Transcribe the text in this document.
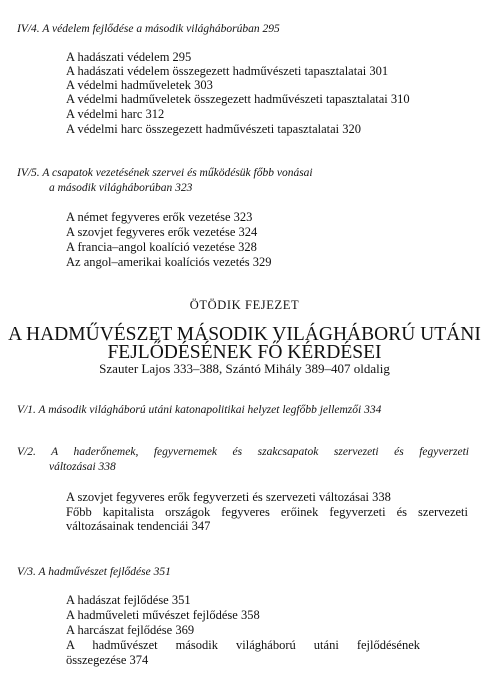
IV/4. A védelem fejlődése a második világháborúban 295
A hadászati védelem 295
A hadászati védelem összegezett hadművészeti tapasztalatai 301
A védelmi hadműveletek 303
A védelmi hadműveletek összegezett hadművészeti tapasztalatai 310
A védelmi harc 312
A védelmi harc összegezett hadművészeti tapasztalatai 320
IV/5. A csapatok vezetésének szervei és működésük főbb vonásai
a második világháborúban 323
A német fegyveres erők vezetése 323
A szovjet fegyveres erők vezetése 324
A francia–angol koalíció vezetése 328
Az angol–amerikai koalíciós vezetés 329
ÖTÖDIK FEJEZET
A HADMŰVÉSZET MÁSODIK VILÁGHÁBORÚ UTÁNI
FEJLŐDÉSÉNEK FŐ KÉRDÉSEI
Szauter Lajos 333–388, Szántó Mihály 389–407 oldalig
V/1. A második világháború utáni katonapolitikai helyzet legfőbb jellemzői 334
V/2. A haderőnemek, fegyvernemek és szakcsapatok szervezeti és fegyverzeti
változásai 338
A szovjet fegyveres erők fegyverzeti és szervezeti változásai 338
Főbb kapitalista országok fegyveres erőinek fegyverzeti és szervezeti
változásainak tendenciái 347
V/3. A hadművészet fejlődése 351
A hadászat fejlődése 351
A hadműveleti művészet fejlődése 358
A harcászat fejlődése 369
A hadművészet második világháború utáni fejlődésének
összegezése 374
